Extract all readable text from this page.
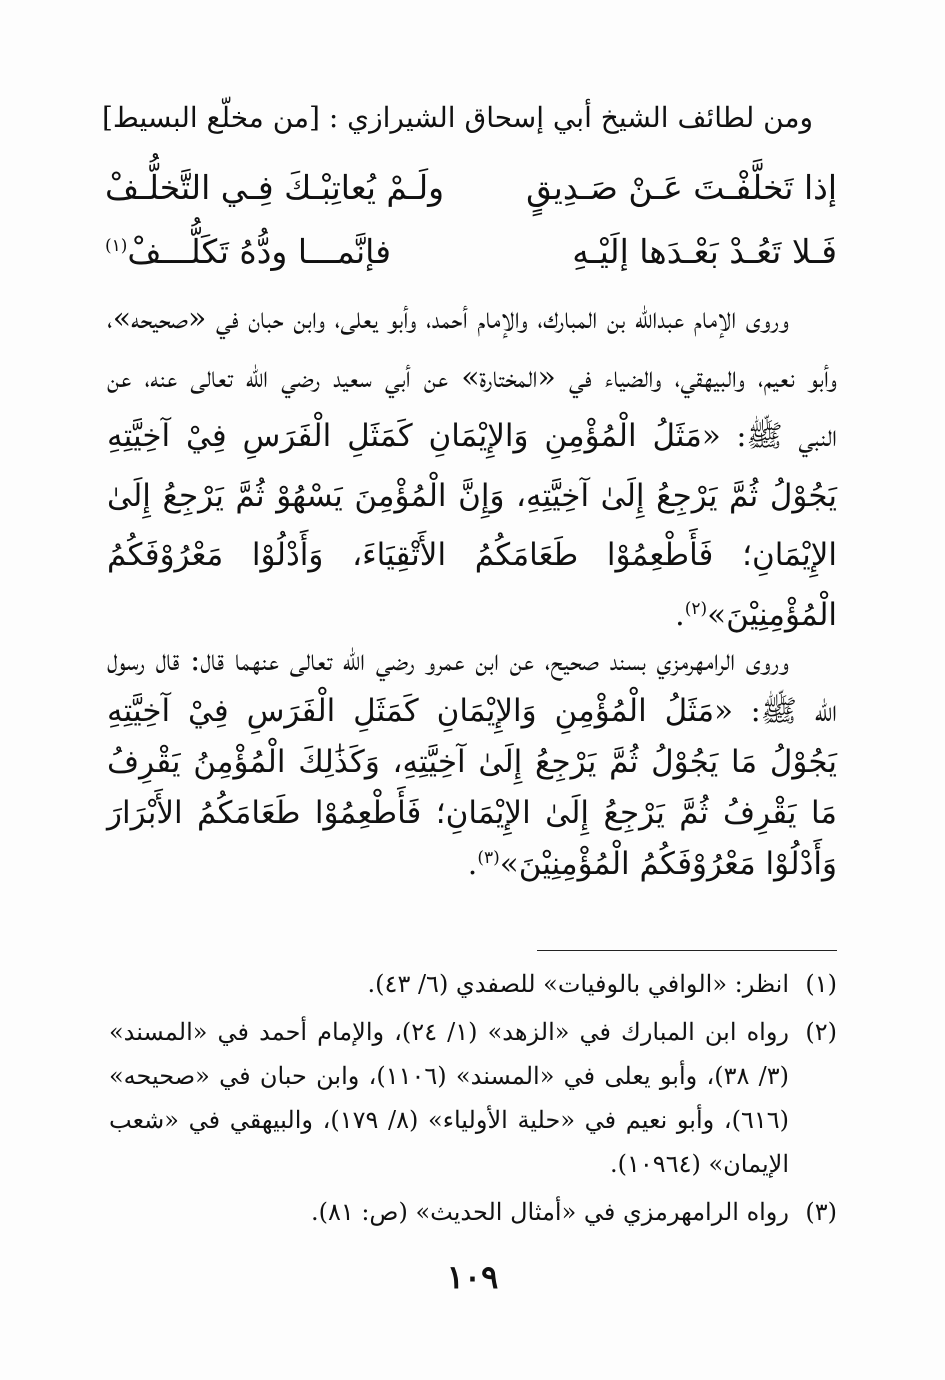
ومن لطائف الشيخ أبي إسحاق الشيرازي : [من مخلّع البسيط]
إذا تَخلَّفْـتَ عَـنْ صَـدِيقٍ
ولَـمْ يُعاتِبْـكَ فِـي التَّخلُّـفْ
فَـلا تَعُـدْ بَعْـدَها إلَيْـهِ
فإنَّمـــا ودُّهُ تَكَلُّـــفْ$^{(١)}$
وروى الإمام عبدالله بن المبارك، والإمام أحمد، وأبو يعلى، وابن حبان في «صحيحه»، وأبو نعيم، والبيهقي، والضياء في «المختارة» عن أبي سعيد رضي الله تعالى عنه، عن النبي ﷺ: «مَثَلُ الْمُؤْمِنِ وَالإِيْمَانِ كَمَثَلِ الْفَرَسِ فِيْ آخِيَّتِهِ يَجُوْلُ ثُمَّ يَرْجِعُ إِلَىٰ آخِيَّتِهِ، وَإِنَّ الْمُؤْمِنَ يَسْهُوْ ثُمَّ يَرْجِعُ إِلَىٰ الإِيْمَانِ؛ فَأَطْعِمُوْا طَعَامَكُمُ الأَتْقِيَاءَ، وَأَدْلُوْا مَعْرُوْفَكُمُ الْمُؤْمِنِيْنَ»$^{(٢)}$.
وروى الرامهرمزي بسند صحيح، عن ابن عمرو رضي الله تعالى عنهما قال: قال رسول الله ﷺ: «مَثَلُ الْمُؤْمِنِ وَالإِيْمَانِ كَمَثَلِ الْفَرَسِ فِيْ آخِيَّتِهِ يَجُوْلُ مَا يَجُوْلُ ثُمَّ يَرْجِعُ إِلَىٰ آخِيَّتِهِ، وَكَذَٰلِكَ الْمُؤْمِنُ يَقْرِفُ مَا يَقْرِفُ ثُمَّ يَرْجِعُ إِلَىٰ الإِيْمَانِ؛ فَأَطْعِمُوْا طَعَامَكُمُ الأَبْرَارَ وَأَدْلُوْا مَعْرُوْفَكُمُ الْمُؤْمِنِيْنَ»$^{(٣)}$.
(١)
انظر: «الوافي بالوفيات» للصفدي (٦/ ٤٣).
(٢)
رواه ابن المبارك في «الزهد» (١/ ٢٤)، والإمام أحمد في «المسند» (٣/ ٣٨)، وأبو يعلى في «المسند» (١١٠٦)، وابن حبان في «صحيحه» (٦١٦)، وأبو نعيم في «حلية الأولياء» (٨/ ١٧٩)، والبيهقي في «شعب الإيمان» (١٠٩٦٤).
(٣)
رواه الرامهرمزي في «أمثال الحديث» (ص: ٨١).
١٠٩
